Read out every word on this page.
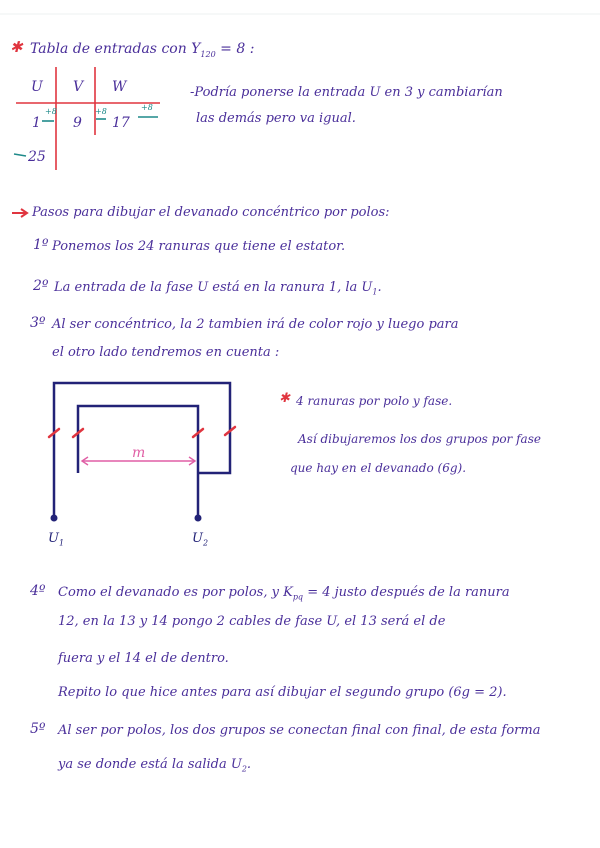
✱ Tabla de entradas con $Y_{120} = 8$ :
U V W
1 9 17
+8	+8	+8
25
-Podría ponerse la entrada U en 3 y cambiarían
las demás pero va igual.
Pasos para dibujar el devanado concéntrico por polos:
1º Ponemos los 24 ranuras que tiene el estator.
2º La entrada de la fase U está en la ranura 1, la $U_1$.
3º Al ser concéntrico, la 2 tambien irá de color rojo y luego para
el otro lado tendremos en cuenta :
m
$U_1$	$U_2$
✱ 4 ranuras por polo y fase.
Así dibujaremos los dos grupos por fase
que hay en el devanado (6g).
4º Como el devanado es por polos, y $K_{pq} = 4$ justo después de la ranura
12, en la 13 y 14 pongo 2 cables de fase U, el 13 será el de
fuera y el 14 el de dentro.
Repito lo que hice antes para así dibujar el segundo grupo (6g = 2).
5º Al ser por polos, los dos grupos se conectan final con final, de esta forma
ya se donde está la salida $U_2$.
